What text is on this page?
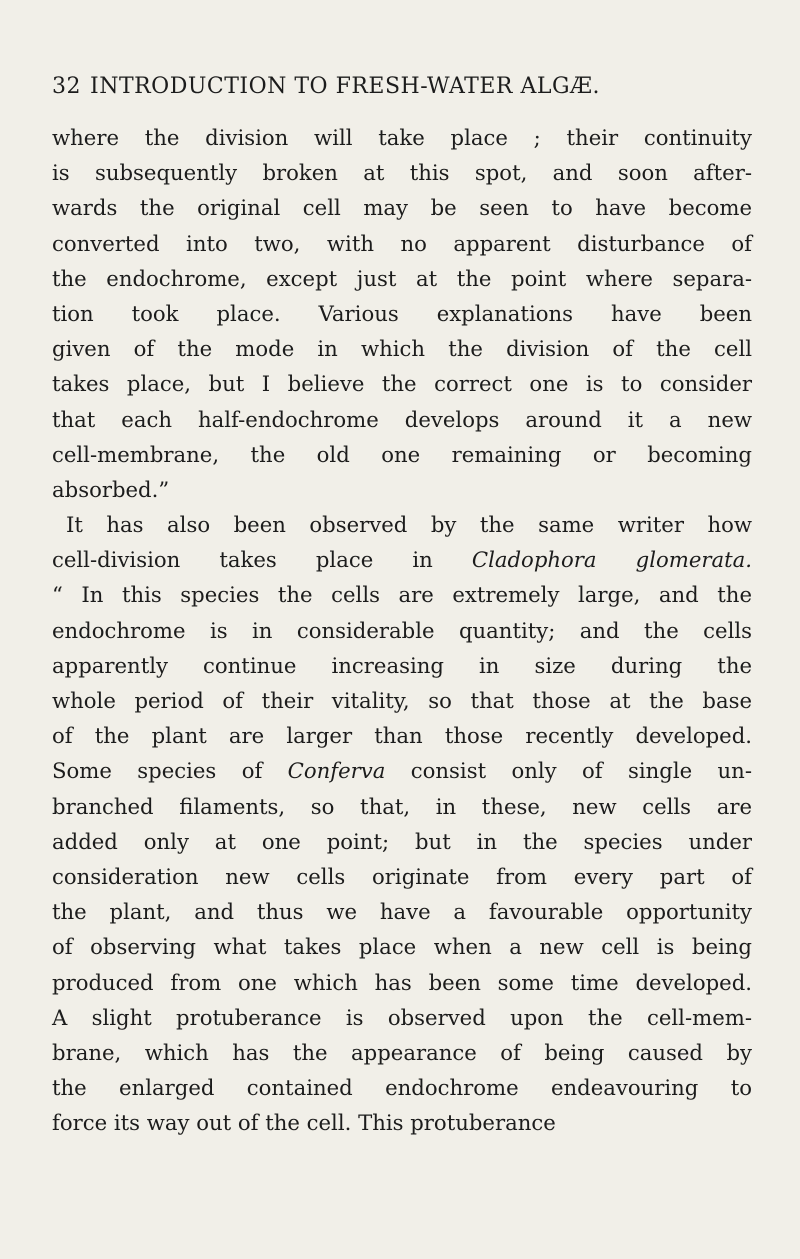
32 INTRODUCTION TO FRESH-WATER ALGÆ.
where the division will take place ; their continuity
is subsequently broken at this spot, and soon after-
wards the original cell may be seen to have become
converted into two, with no apparent disturbance of
the endochrome, except just at the point where separa-
tion took place. Various explanations have been
given of the mode in which the division of the cell
takes place, but I believe the correct one is to consider
that each half-endochrome develops around it a new
cell-membrane, the old one remaining or becoming
absorbed.”
It has also been observed by the same writer how
cell-division takes place in Cladophora glomerata.
“ In this species the cells are extremely large, and the
endochrome is in considerable quantity; and the cells
apparently continue increasing in size during the
whole period of their vitality, so that those at the base
of the plant are larger than those recently developed.
Some species of Conferva consist only of single un-
branched filaments, so that, in these, new cells are
added only at one point; but in the species under
consideration new cells originate from every part of
the plant, and thus we have a favourable opportunity
of observing what takes place when a new cell is being
produced from one which has been some time developed.
A slight protuberance is observed upon the cell-mem-
brane, which has the appearance of being caused by
the enlarged contained endochrome endeavouring to
force its way out of the cell. This protuberance
